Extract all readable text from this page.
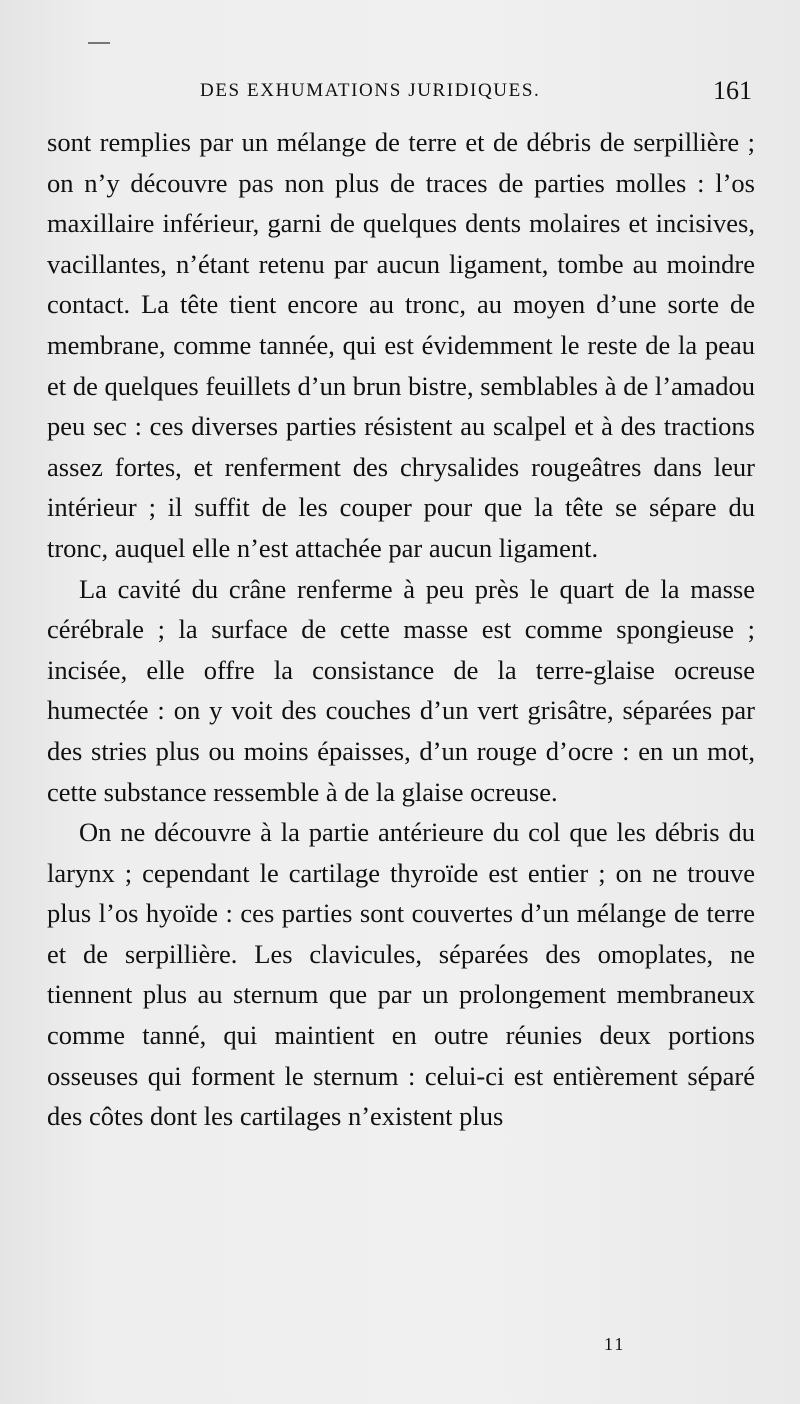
DES EXHUMATIONS JURIDIQUES.	161

sont remplies par un mélange de terre et de débris de serpillière ; on n’y découvre pas non plus de traces de parties molles : l’os maxillaire inférieur, garni de quelques dents molaires et incisives, vacillantes, n’étant retenu par aucun ligament, tombe au moindre contact. La tête tient encore au tronc, au moyen d’une sorte de membrane, comme tannée, qui est évidemment le reste de la peau et de quelques feuillets d’un brun bistre, semblables à de l’amadou peu sec : ces diverses parties résistent au scalpel et à des tractions assez fortes, et renferment des chrysalides rougeâtres dans leur intérieur ; il suffit de les couper pour que la tête se sépare du tronc, auquel elle n’est attachée par aucun ligament.

La cavité du crâne renferme à peu près le quart de la masse cérébrale ; la surface de cette masse est comme spongieuse ; incisée, elle offre la consistance de la terre-glaise ocreuse humectée : on y voit des couches d’un vert grisâtre, séparées par des stries plus ou moins épaisses, d’un rouge d’ocre : en un mot, cette substance ressemble à de la glaise ocreuse.

On ne découvre à la partie antérieure du col que les débris du larynx ; cependant le cartilage thyroïde est entier ; on ne trouve plus l’os hyoïde : ces parties sont couvertes d’un mélange de terre et de serpillière. Les clavicules, séparées des omoplates, ne tiennent plus au sternum que par un prolongement membraneux comme tanné, qui maintient en outre réunies deux portions osseuses qui forment le sternum : celui-ci est entièrement séparé des côtes dont les cartilages n’existent plus

11
